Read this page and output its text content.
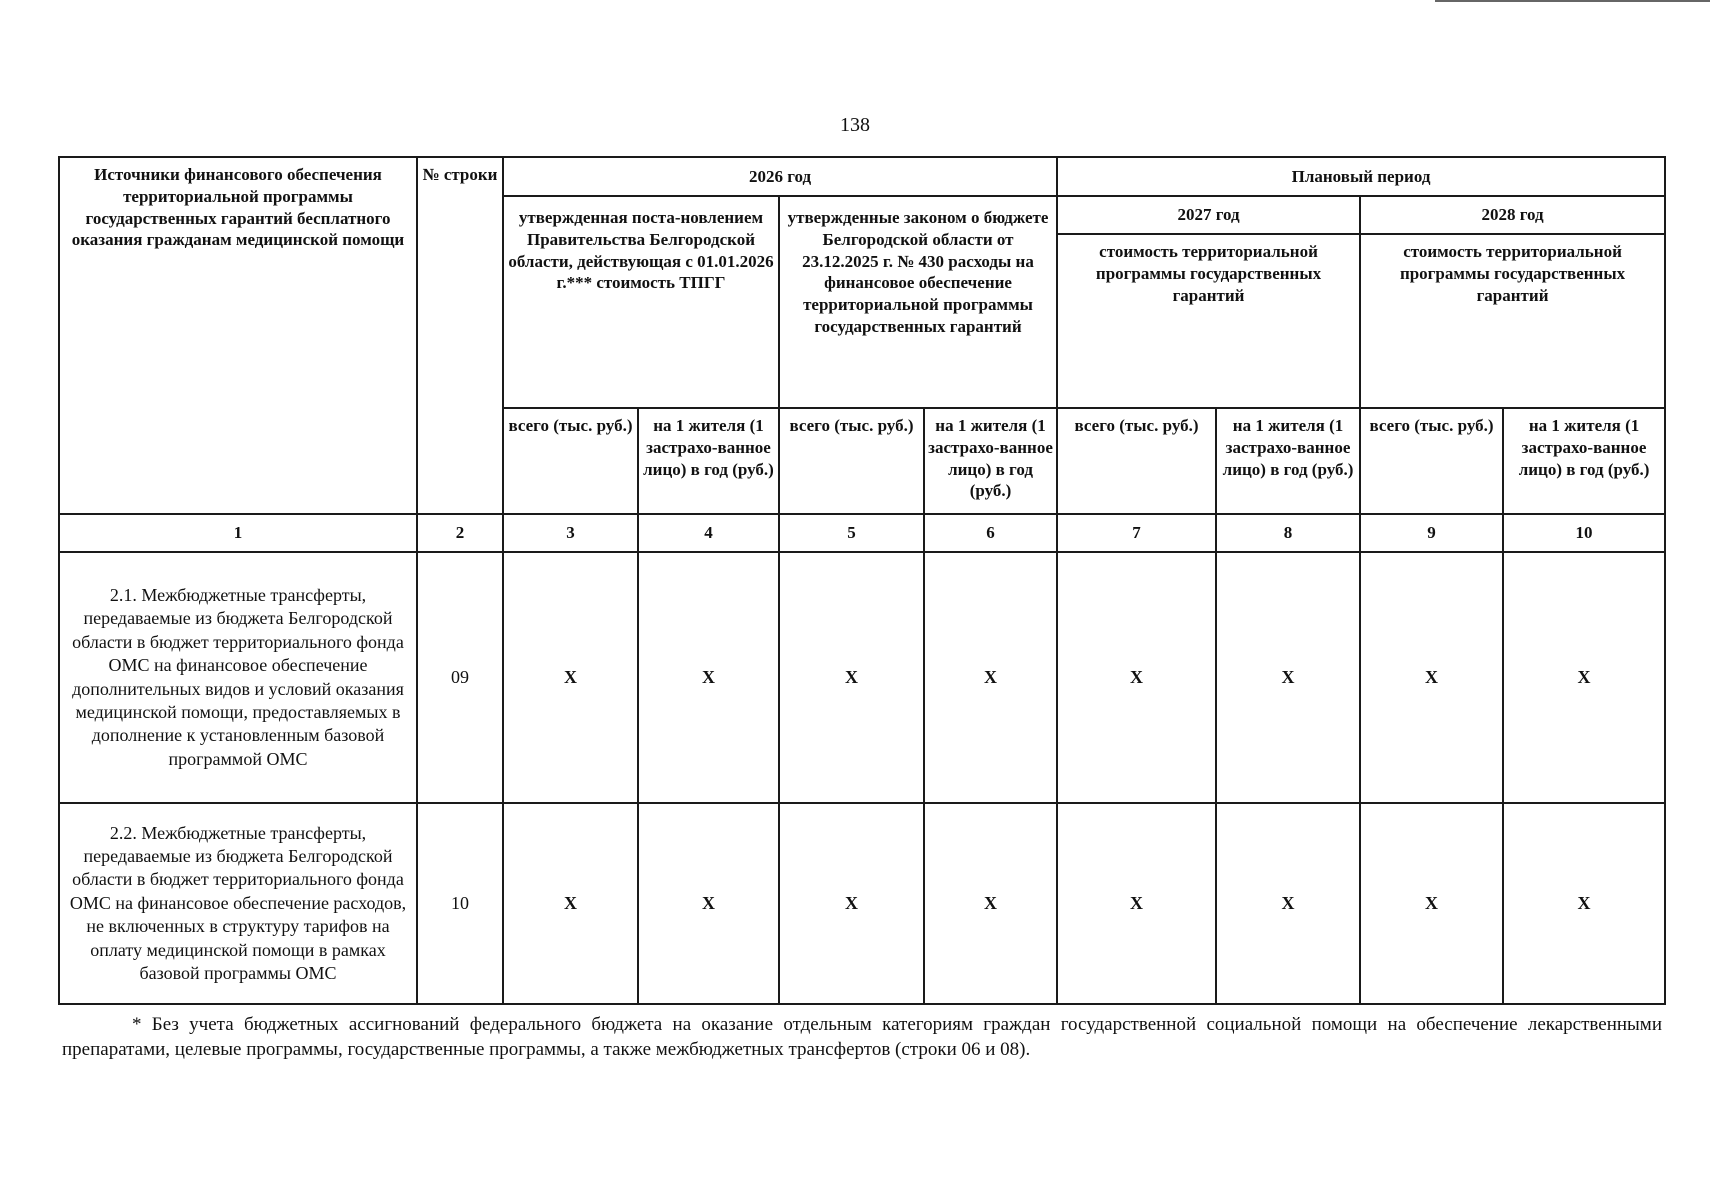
138
Источники финансового обеспечения территориальной программы государственных гарантий бесплатного оказания гражданам медицинской помощи	№ строки	2026 год				Плановый период			
		утвержденная поста-новлением Правительства Белгородской области, действующая с 01.01.2026 г.*** стоимость ТПГГ		утвержденные законом о бюджете Белгородской области от 23.12.2025 г. № 430 расходы на финансовое обеспечение территориальной программы государственных гарантий		2027 год		2028 год	
						стоимость территориальной программы государственных гарантий		стоимость территориальной программы государственных гарантий	
		всего (тыс. руб.)	на 1 жителя (1 застрахо-ванное лицо) в год (руб.)	всего (тыс. руб.)	на 1 жителя (1 застрахо-ванное лицо) в год (руб.)	всего (тыс. руб.)	на 1 жителя (1 застрахо-ванное лицо) в год (руб.)	всего (тыс. руб.)	на 1 жителя (1 застрахо-ванное лицо) в год (руб.)
1	2	3	4	5	6	7	8	9	10
2.1. Межбюджетные трансферты, передаваемые из бюджета Белгородской области в бюджет территориального фонда ОМС на финансовое обеспечение дополнительных видов и условий оказания медицинской помощи, предоставляемых в дополнение к установленным базовой программой ОМС	09	X	X	X	X	X	X	X	X
2.2. Межбюджетные трансферты, передаваемые из бюджета Белгородской области в бюджет территориального фонда ОМС на финансовое обеспечение расходов, не включенных в структуру тарифов на оплату медицинской помощи в рамках базовой программы ОМС	10	X	X	X	X	X	X	X	X
* Без учета бюджетных ассигнований федерального бюджета на оказание отдельным категориям граждан государственной социальной помощи на обеспечение лекарственными препаратами, целевые программы, государственные программы, а также межбюджетных трансфертов (строки 06 и 08).
